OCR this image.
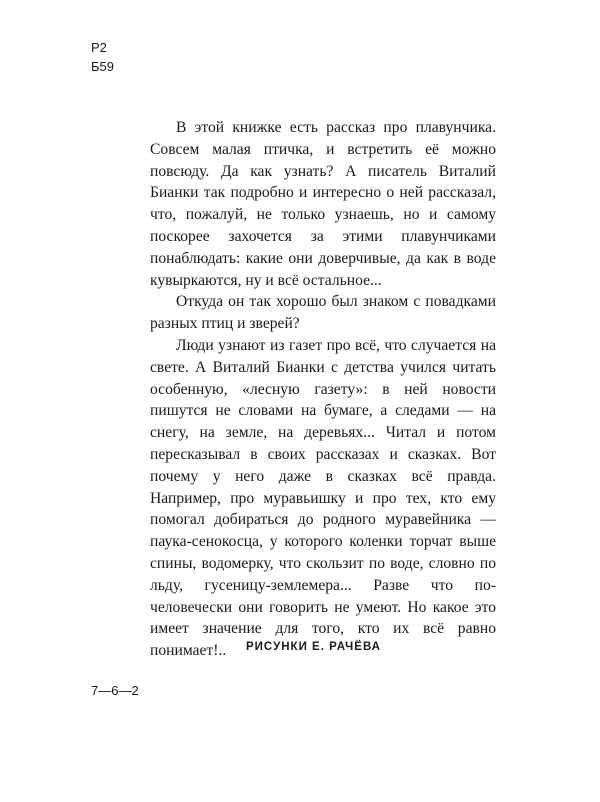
Р2
Б59

В этой книжке есть рассказ про плавунчика. Совсем малая птичка, и встретить её можно повсюду. Да как узнать? А писатель Виталий Бианки так подробно и интересно о ней рассказал, что, пожалуй, не только узнаешь, но и самому поскорее захочется за этими плавунчиками понаблюдать: какие они доверчивые, да как в воде кувыркаются, ну и всё остальное...

Откуда он так хорошо был знаком с повадками разных птиц и зверей?

Люди узнают из газет про всё, что случается на свете. А Виталий Бианки с детства учился читать особенную, «лесную газету»: в ней новости пишутся не словами на бумаге, а следами — на снегу, на земле, на деревьях... Читал и потом пересказывал в своих рассказах и сказках. Вот почему у него даже в сказках всё правда. Например, про муравьишку и про тех, кто ему помогал добираться до родного муравейника — паука-сенокосца, у которого коленки торчат выше спины, водомерку, что скользит по воде, словно по льду, гусеницу-землемера... Разве что по-человечески они говорить не умеют. Но какое это имеет значение для того, кто их всё равно понимает!..	РИСУНКИ Е. РАЧЁВА
7—6—2
